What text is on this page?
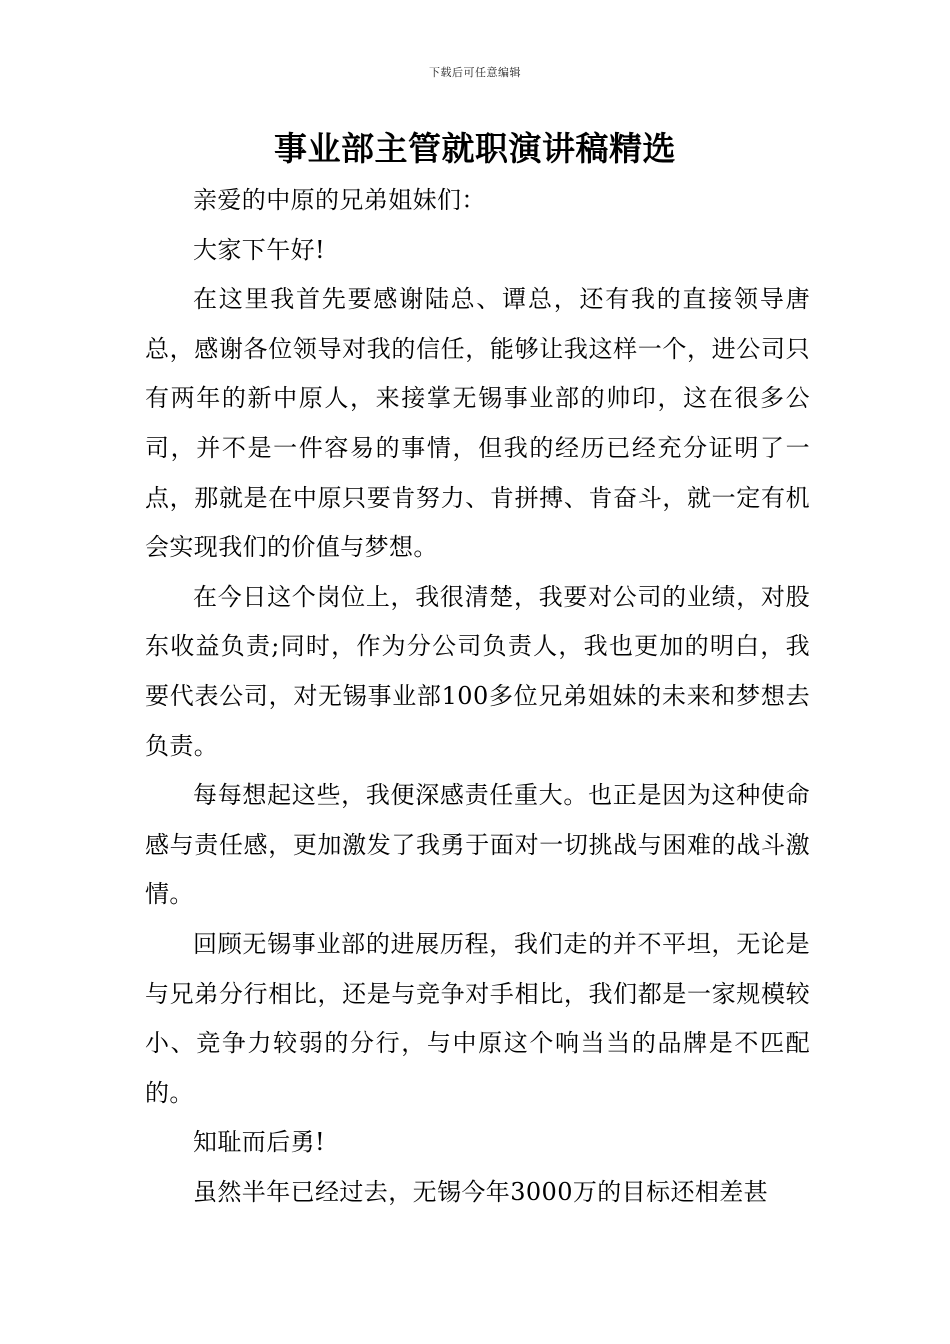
下载后可任意编辑
事业部主管就职演讲稿精选

亲爱的中原的兄弟姐妹们：

大家下午好!

在这里我首先要感谢陆总、谭总，还有我的直接领导唐总，感谢各位领导对我的信任，能够让我这样一个，进公司只有两年的新中原人，来接掌无锡事业部的帅印，这在很多公司，并不是一件容易的事情，但我的经历已经充分证明了一点，那就是在中原只要肯努力、肯拼搏、肯奋斗，就一定有机会实现我们的价值与梦想。

在今日这个岗位上，我很清楚，我要对公司的业绩，对股东收益负责;同时，作为分公司负责人，我也更加的明白，我要代表公司，对无锡事业部100多位兄弟姐妹的未来和梦想去负责。

每每想起这些，我便深感责任重大。也正是因为这种使命感与责任感，更加激发了我勇于面对一切挑战与困难的战斗激情。

回顾无锡事业部的进展历程，我们走的并不平坦，无论是与兄弟分行相比，还是与竞争对手相比，我们都是一家规模较小、竞争力较弱的分行，与中原这个响当当的品牌是不匹配的。

知耻而后勇!

虽然半年已经过去，无锡今年3000万的目标还相差甚
